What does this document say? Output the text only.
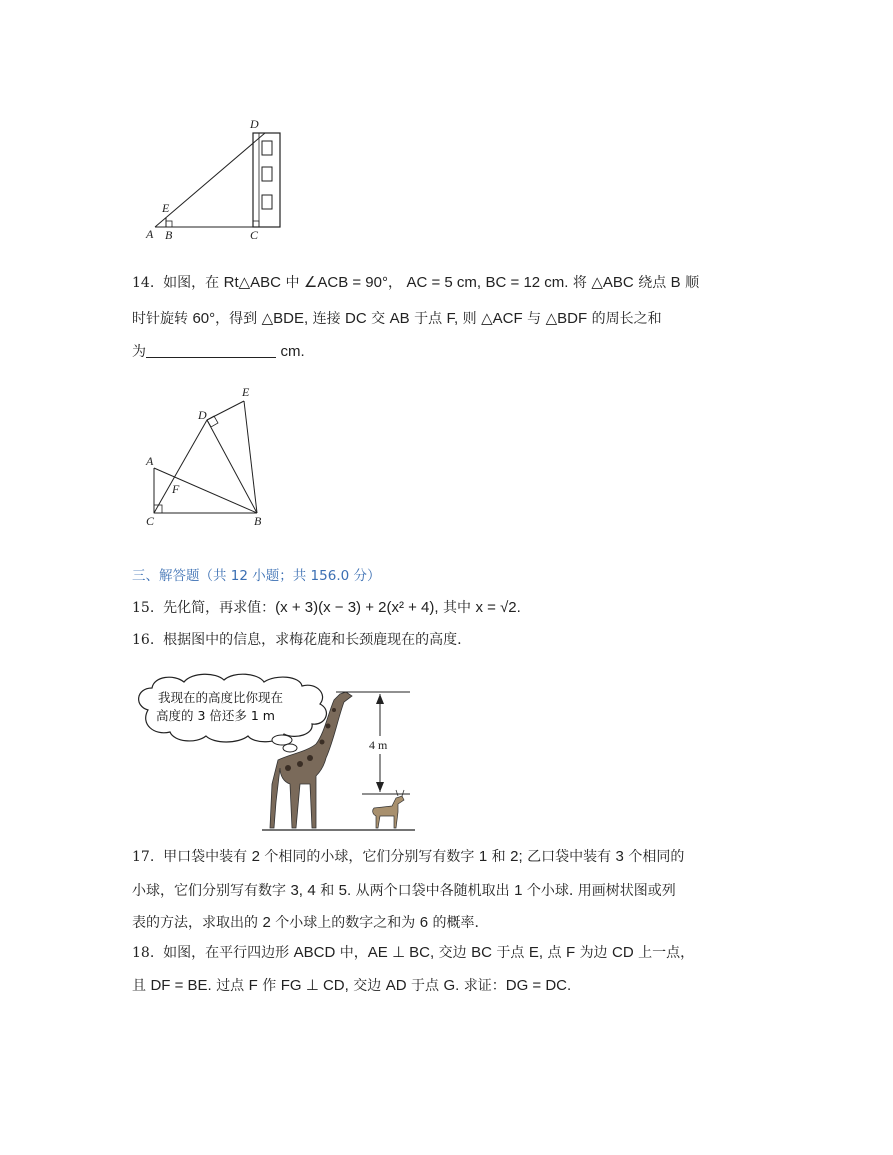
D
E
A B	C
14. 如图，在 Rt△ABC 中 ∠ACB = 90°， AC = 5 cm, BC = 12 cm. 将 △ABC 绕点 B 顺
时针旋转 60°，得到 △BDE, 连接 DC 交 AB 于点 F, 则 △ACF 与 △BDF 的周长之和
为	cm.
E
D
A
F
C	B
三、解答题（共 12 小题；共 156.0 分）
15. 先化简，再求值：(x + 3)(x − 3) + 2(x² + 4), 其中 x = √2.
16. 根据图中的信息，求梅花鹿和长颈鹿现在的高度.
我现在的高度比你现在
高度的 3 倍还多 1 m
4 m
17. 甲口袋中装有 2 个相同的小球，它们分别写有数字 1 和 2; 乙口袋中装有 3 个相同的
小球，它们分别写有数字 3, 4 和 5. 从两个口袋中各随机取出 1 个小球. 用画树状图或列
表的方法，求取出的 2 个小球上的数字之和为 6 的概率.
18. 如图，在平行四边形 ABCD 中，AE ⊥ BC, 交边 BC 于点 E, 点 F 为边 CD 上一点，
且 DF = BE. 过点 F 作 FG ⊥ CD, 交边 AD 于点 G. 求证：DG = DC.
